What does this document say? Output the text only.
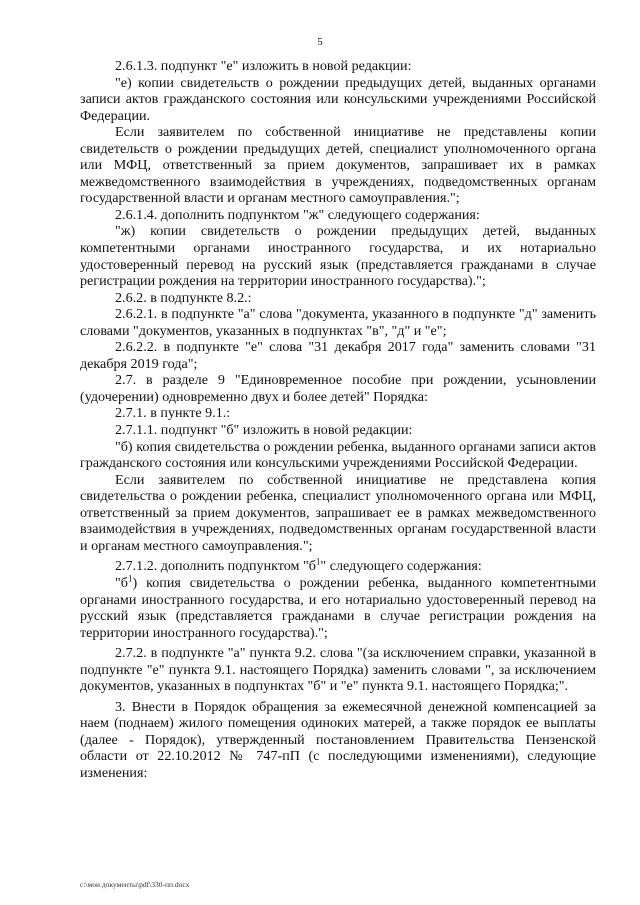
5

2.6.1.3. подпункт "е" изложить в новой редакции:

"е) копии свидетельств о рождении предыдущих детей, выданных органами записи актов гражданского состояния или консульскими учреждениями Российской Федерации.

Если заявителем по собственной инициативе не представлены копии свидетельств о рождении предыдущих детей, специалист уполномоченного органа или МФЦ, ответственный за прием документов, запрашивает их в рамках межведомственного взаимодействия в учреждениях, подведомственных органам государственной власти и органам местного самоуправления.";

2.6.1.4. дополнить подпунктом "ж" следующего содержания:

"ж) копии свидетельств о рождении предыдущих детей, выданных компетентными органами иностранного государства, и их нотариально удостоверенный перевод на русский язык (представляется гражданами в случае регистрации рождения на территории иностранного государства).";

2.6.2. в подпункте 8.2.:

2.6.2.1. в подпункте "а" слова "документа, указанного в подпункте "д" заменить словами "документов, указанных в подпунктах "в", "д" и "е";

2.6.2.2. в подпункте "е" слова "31 декабря 2017 года" заменить словами "31 декабря 2019 года";

2.7. в разделе 9 "Единовременное пособие при рождении, усыновлении (удочерении) одновременно двух и более детей" Порядка:

2.7.1. в пункте 9.1.:

2.7.1.1. подпункт "б" изложить в новой редакции:

"б) копия свидетельства о рождении ребенка, выданного органами записи актов гражданского состояния или консульскими учреждениями Российской Федерации.

Если заявителем по собственной инициативе не представлена копия свидетельства о рождении ребенка, специалист уполномоченного органа или МФЦ, ответственный за прием документов, запрашивает ее в рамках межведомственного взаимодействия в учреждениях, подведомственных органам государственной власти и органам местного самоуправления.";

2.7.1.2. дополнить подпунктом "$б^1$" следующего содержания:

"$б^1$) копия свидетельства о рождении ребенка, выданного компетентными органами иностранного государства, и его нотариально удостоверенный перевод на русский язык (представляется гражданами в случае регистрации рождения на территории иностранного государства).";

2.7.2. в подпункте "а" пункта 9.2. слова "(за исключением справки, указанной в подпункте "е" пункта 9.1. настоящего Порядка) заменить словами ", за исключением документов, указанных в подпунктах "б" и "е" пункта 9.1. настоящего Порядка;".

3. Внести в Порядок обращения за ежемесячной денежной компенсацией за наем (поднаем) жилого помещения одиноких матерей, а также порядок ее выплаты (далее - Порядок), утвержденный постановлением Правительства Пензенской области от 22.10.2012 № 747-пП (с последующими изменениями), следующие изменения:

c:\мои документы\pdf\330-пп.docx
